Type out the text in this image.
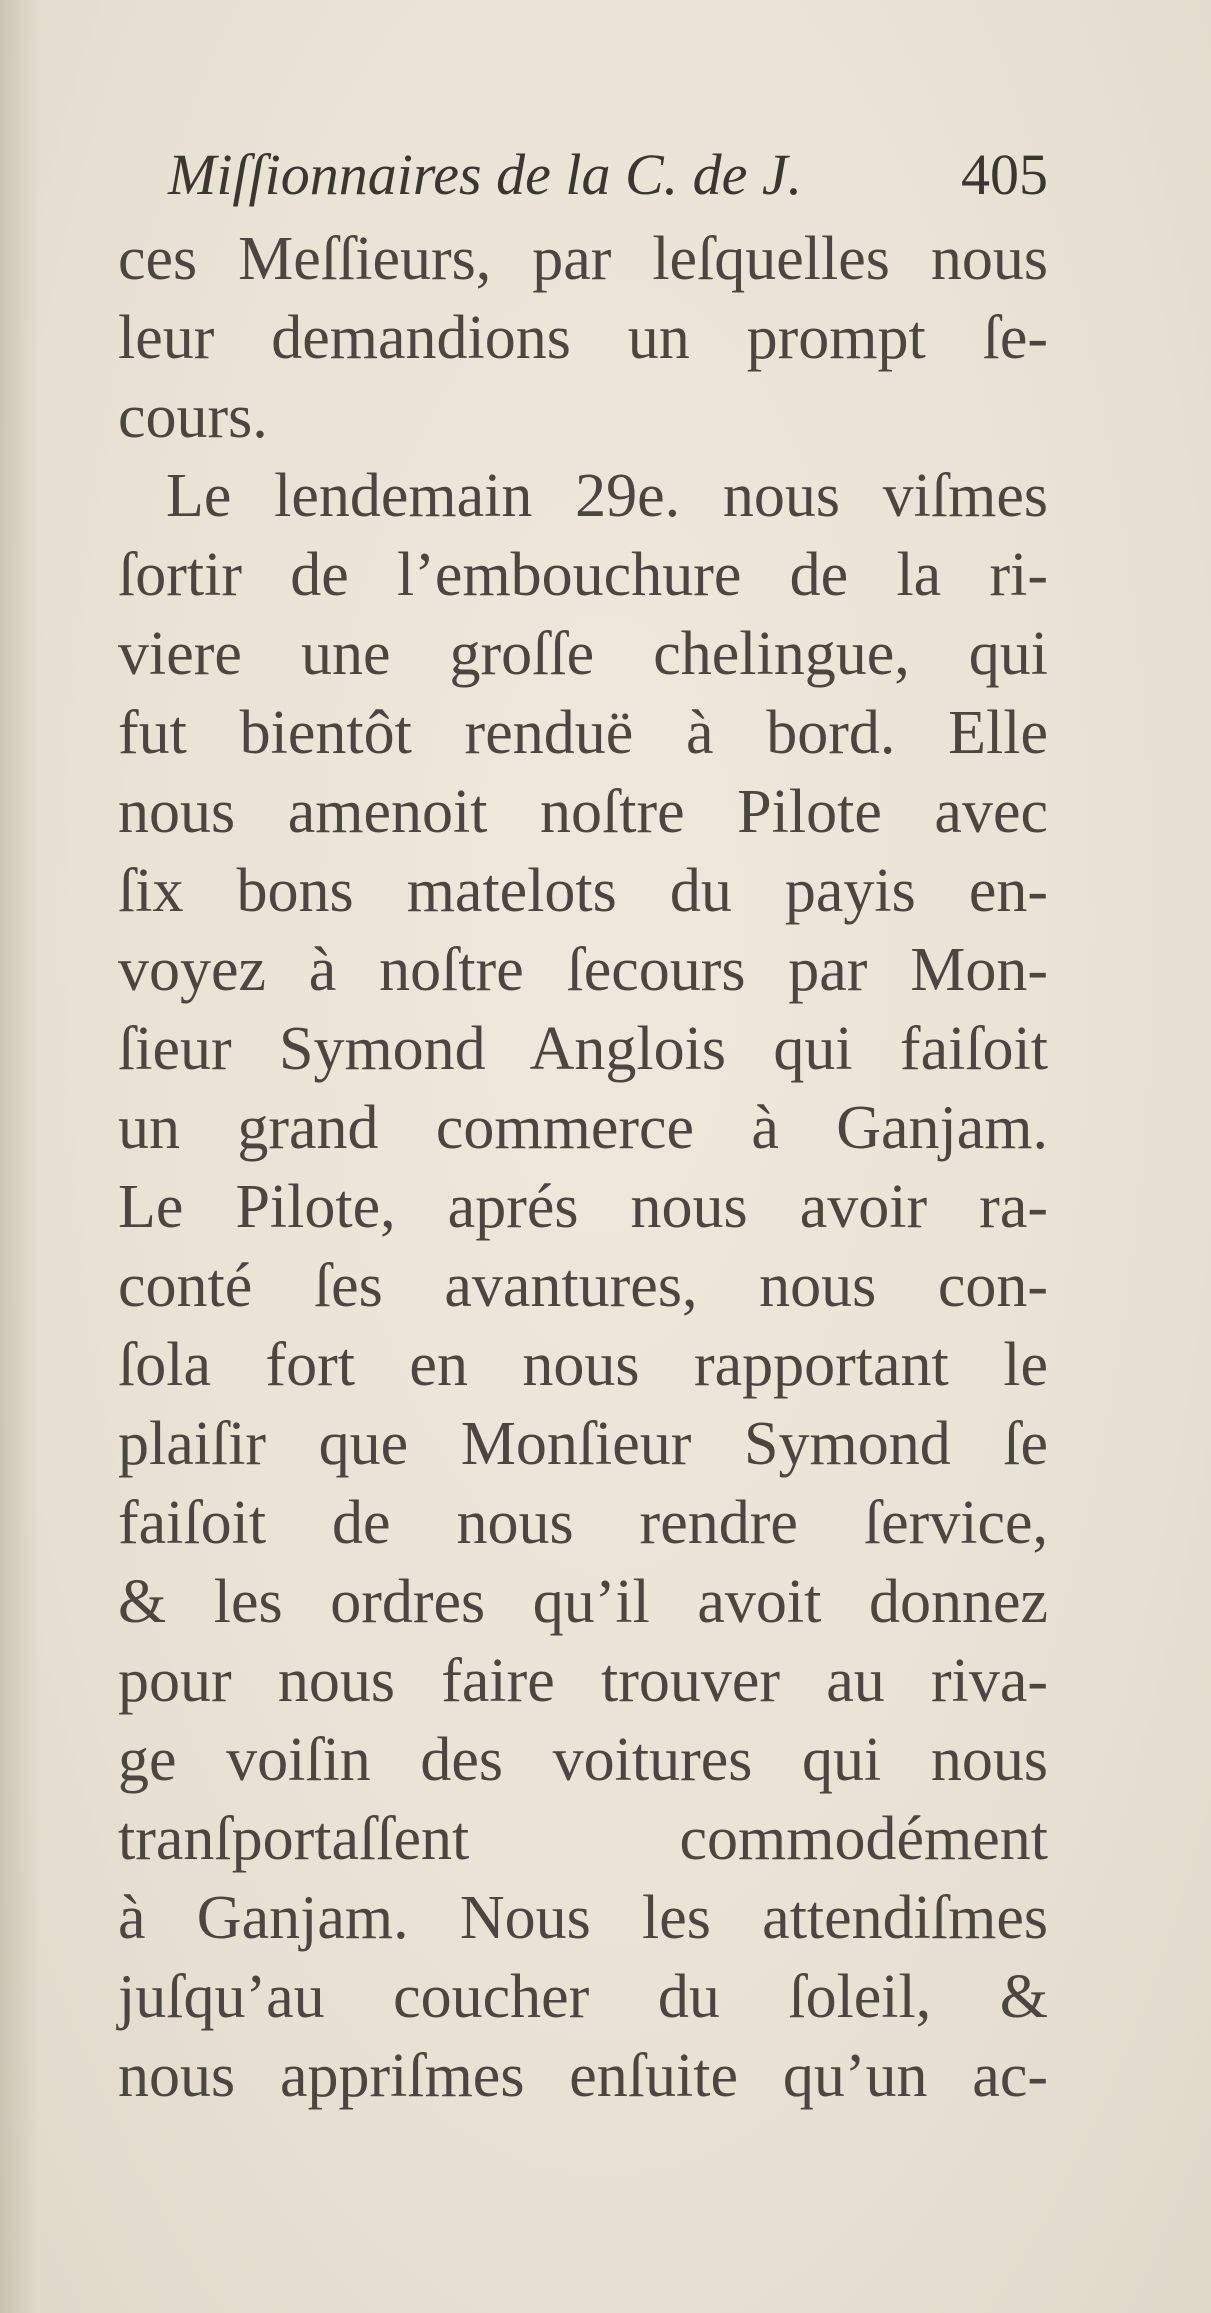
Miſſionnaires de la C. de J.	405
ces Meſſieurs, par leſquelles nous
leur demandions un prompt ſe-
cours.
Le lendemain 29e. nous viſmes
ſortir de l’embouchure de la ri-
viere une groſſe chelingue, qui
fut bientôt renduë à bord. Elle
nous amenoit noſtre Pilote avec
ſix bons matelots du payis en-
voyez à noſtre ſecours par Mon-
ſieur Symond Anglois qui faiſoit
un grand commerce à Ganjam.
Le Pilote, aprés nous avoir ra-
conté ſes avantures, nous con-
ſola fort en nous rapportant le
plaiſir que Monſieur Symond ſe
faiſoit de nous rendre ſervice,
& les ordres qu’il avoit donnez
pour nous faire trouver au riva-
ge voiſin des voitures qui nous
tranſportaſſent commodément
à Ganjam. Nous les attendiſmes
juſqu’au coucher du ſoleil, &
nous appriſmes enſuite qu’un ac-
